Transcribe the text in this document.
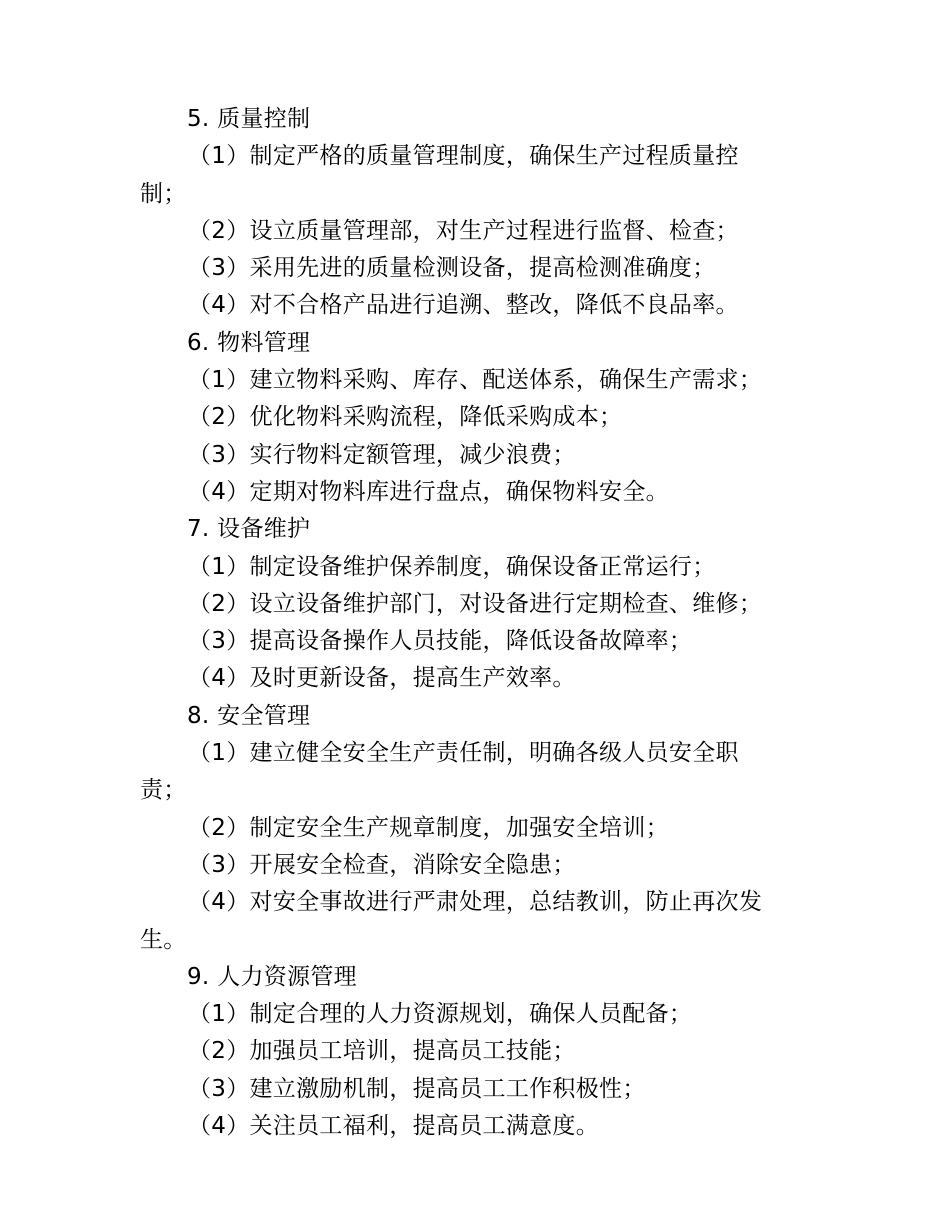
5. 质量控制

（1）制定严格的质量管理制度，确保生产过程质量控制；

（2）设立质量管理部，对生产过程进行监督、检查；

（3）采用先进的质量检测设备，提高检测准确度；

（4）对不合格产品进行追溯、整改，降低不良品率。

6. 物料管理

（1）建立物料采购、库存、配送体系，确保生产需求；

（2）优化物料采购流程，降低采购成本；

（3）实行物料定额管理，减少浪费；

（4）定期对物料库进行盘点，确保物料安全。

7. 设备维护

（1）制定设备维护保养制度，确保设备正常运行；

（2）设立设备维护部门，对设备进行定期检查、维修；

（3）提高设备操作人员技能，降低设备故障率；

（4）及时更新设备，提高生产效率。

8. 安全管理

（1）建立健全安全生产责任制，明确各级人员安全职责；

（2）制定安全生产规章制度，加强安全培训；

（3）开展安全检查，消除安全隐患；

（4）对安全事故进行严肃处理，总结教训，防止再次发生。

9. 人力资源管理

（1）制定合理的人力资源规划，确保人员配备；

（2）加强员工培训，提高员工技能；

（3）建立激励机制，提高员工工作积极性；

（4）关注员工福利，提高员工满意度。
